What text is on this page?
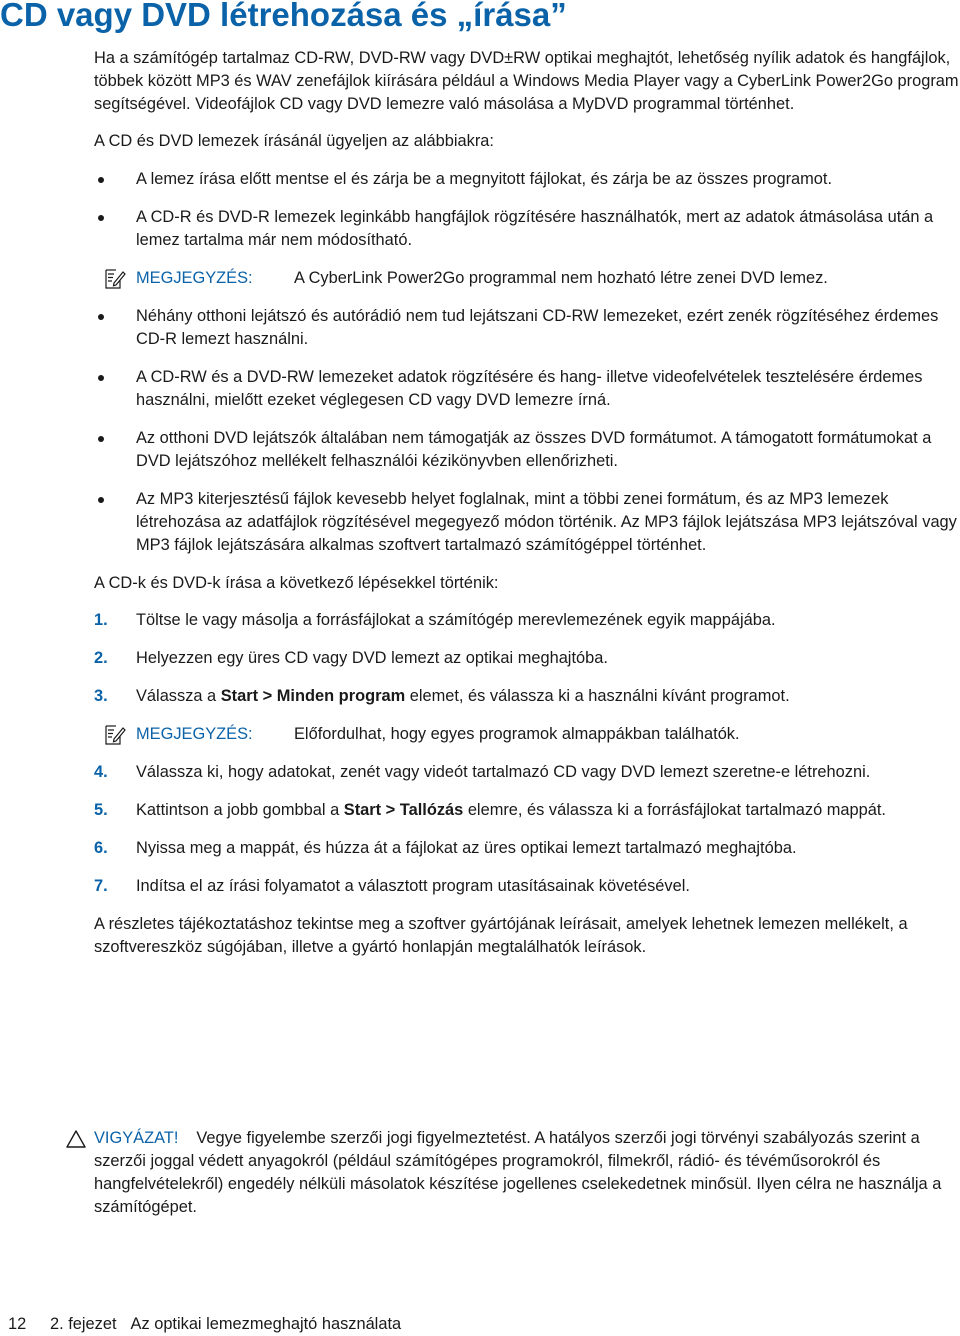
CD vagy DVD létrehozása és „írása”

Ha a számítógép tartalmaz CD-RW, DVD-RW vagy DVD±RW optikai meghajtót, lehetőség nyílik adatok és hangfájlok, többek között MP3 és WAV zenefájlok kiírására például a Windows Media Player vagy a CyberLink Power2Go program segítségével. Videofájlok CD vagy DVD lemezre való másolása a MyDVD programmal történhet.

A CD és DVD lemezek írásánál ügyeljen az alábbiakra:

A lemez írása előtt mentse el és zárja be a megnyitott fájlokat, és zárja be az összes programot.
A CD-R és DVD-R lemezek leginkább hangfájlok rögzítésére használhatók, mert az adatok átmásolása után a lemez tartalma már nem módosítható.
MEGJEGYZÉS:	A CyberLink Power2Go programmal nem hozható létre zenei DVD lemez.
Néhány otthoni lejátszó és autórádió nem tud lejátszani CD-RW lemezeket, ezért zenék rögzítéséhez érdemes CD-R lemezt használni.
A CD-RW és a DVD-RW lemezeket adatok rögzítésére és hang- illetve videofelvételek tesztelésére érdemes használni, mielőtt ezeket véglegesen CD vagy DVD lemezre írná.
Az otthoni DVD lejátszók általában nem támogatják az összes DVD formátumot. A támogatott formátumokat a DVD lejátszóhoz mellékelt felhasználói kézikönyvben ellenőrizheti.
Az MP3 kiterjesztésű fájlok kevesebb helyet foglalnak, mint a többi zenei formátum, és az MP3 lemezek létrehozása az adatfájlok rögzítésével megegyező módon történik. Az MP3 fájlok lejátszása MP3 lejátszóval vagy MP3 fájlok lejátszására alkalmas szoftvert tartalmazó számítógéppel történhet.

A CD-k és DVD-k írása a következő lépésekkel történik:

1. Töltse le vagy másolja a forrásfájlokat a számítógép merevlemezének egyik mappájába.
2. Helyezzen egy üres CD vagy DVD lemezt az optikai meghajtóba.
3. Válassza a Start > Minden program elemet, és válassza ki a használni kívánt programot.
MEGJEGYZÉS:	Előfordulhat, hogy egyes programok almappákban találhatók.
4. Válassza ki, hogy adatokat, zenét vagy videót tartalmazó CD vagy DVD lemezt szeretne-e létrehozni.
5. Kattintson a jobb gombbal a Start > Tallózás elemre, és válassza ki a forrásfájlokat tartalmazó mappát.
6. Nyissa meg a mappát, és húzza át a fájlokat az üres optikai lemezt tartalmazó meghajtóba.
7. Indítsa el az írási folyamatot a választott program utasításainak követésével.

A részletes tájékoztatáshoz tekintse meg a szoftver gyártójának leírásait, amelyek lehetnek lemezen mellékelt, a szoftvereszköz súgójában, illetve a gyártó honlapján megtalálhatók leírások.

VIGYÁZAT! Vegye figyelembe szerzői jogi figyelmeztetést. A hatályos szerzői jogi törvényi szabályozás szerint a szerzői joggal védett anyagokról (például számítógépes programokról, filmekről, rádió- és tévéműsorokról és hangfelvételekről) engedély nélküli másolatok készítése jogellenes cselekedetnek minősül. Ilyen célra ne használja a számítógépet.
12 2. fejezet Az optikai lemezmeghajtó használata
